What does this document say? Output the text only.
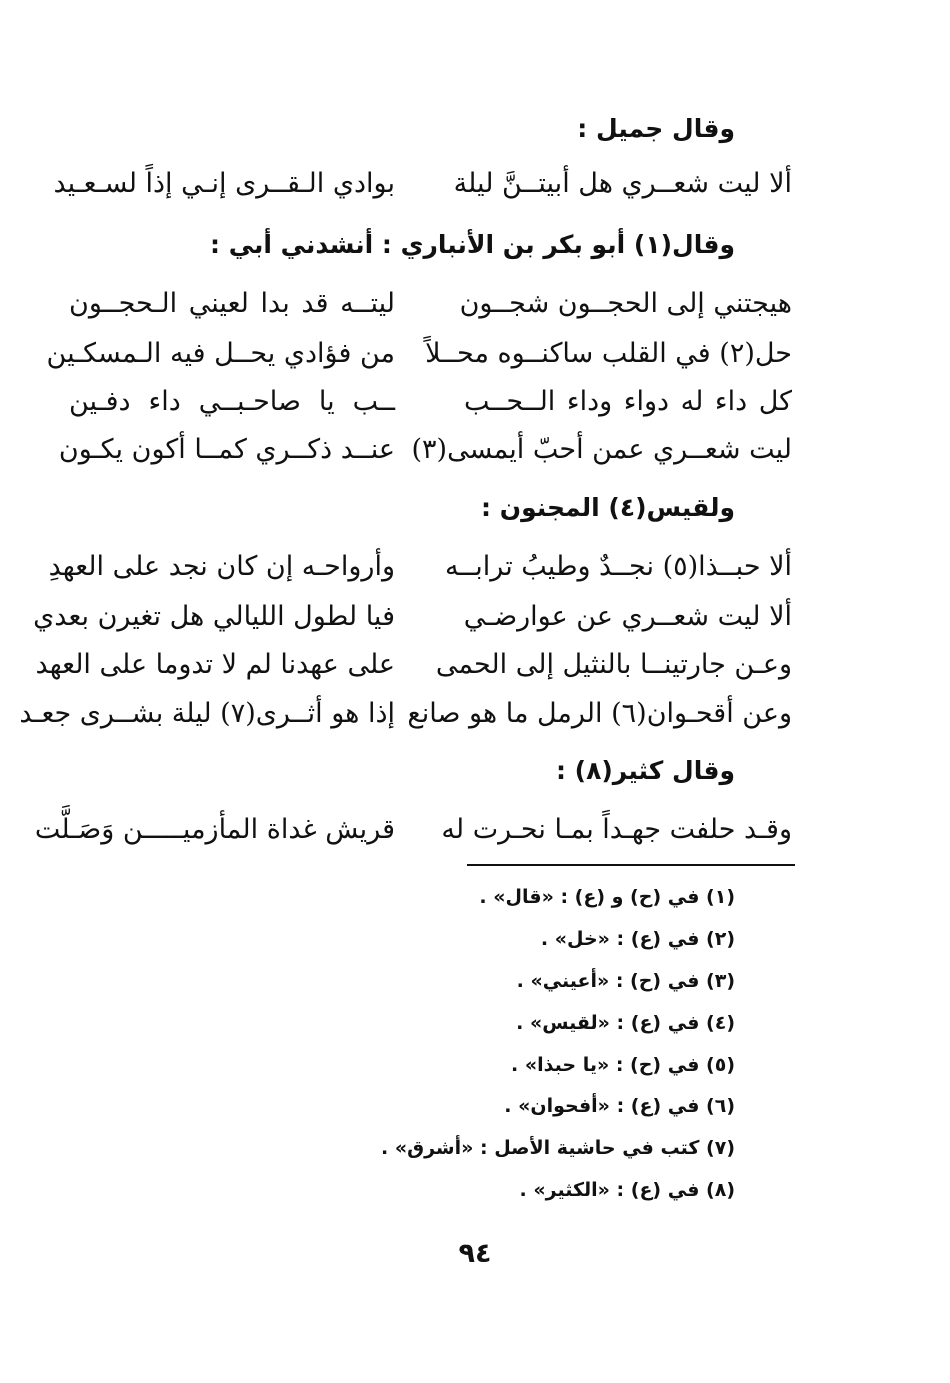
وقال جميل :
ألا ليت شعــري هل أبيتــنَّ ليلة
بوادي الـقــرى إنـي إذاً لسـعـيد
وقال(١) أبو بكر بن الأنباري : أنشدني أبي :
هيجتني إلى الحجــون شجــون
ليتــه قد بدا لعيني الـحجــون
حل(٢) في القلب ساكنــوه محــلاً
من فؤادي يحــل فيه الـمسكـين
كل داء له دواء وداء الــحــب
ــب يا صاحـبــي داء دفـين
ليت شعــري عمن أحبّ أيمسى(٣)
عنــد ذكــري كمــا أكون يكـون
ولقيس(٤) المجنون :
ألا حبــذا(٥) نجــدٌ وطيبُ ترابــه
وأرواحـه إن كان نجد على العهدِ
ألا ليت شعــري عن عوارضـي
فيا لطول الليالي هل تغيرن بعدي
وعـن جارتينــا بالنثيل إلى الحمى
على عهدنا لم لا تدوما على العهد
وعن أقحـوان(٦) الرمل ما هو صانع
إذا هو أثــرى(٧) ليلة بشــرى جعـد
وقال كثير(٨) :
وقـد حلفت جهـداً بمـا نحـرت له
قريش غداة المأزميـــــن وَصَـلَّت
(١) في (ح) و (ع) : «قال» .
(٢) في (ع) : «خل» .
(٣) في (ح) : «أعيني» .
(٤) في (ع) : «لقيس» .
(٥) في (ح) : «يا حبذا» .
(٦) في (ع) : «أفحوان» .
(٧) كتب في حاشية الأصل : «أشرق» .
(٨) في (ع) : «الكثير» .
٩٤
